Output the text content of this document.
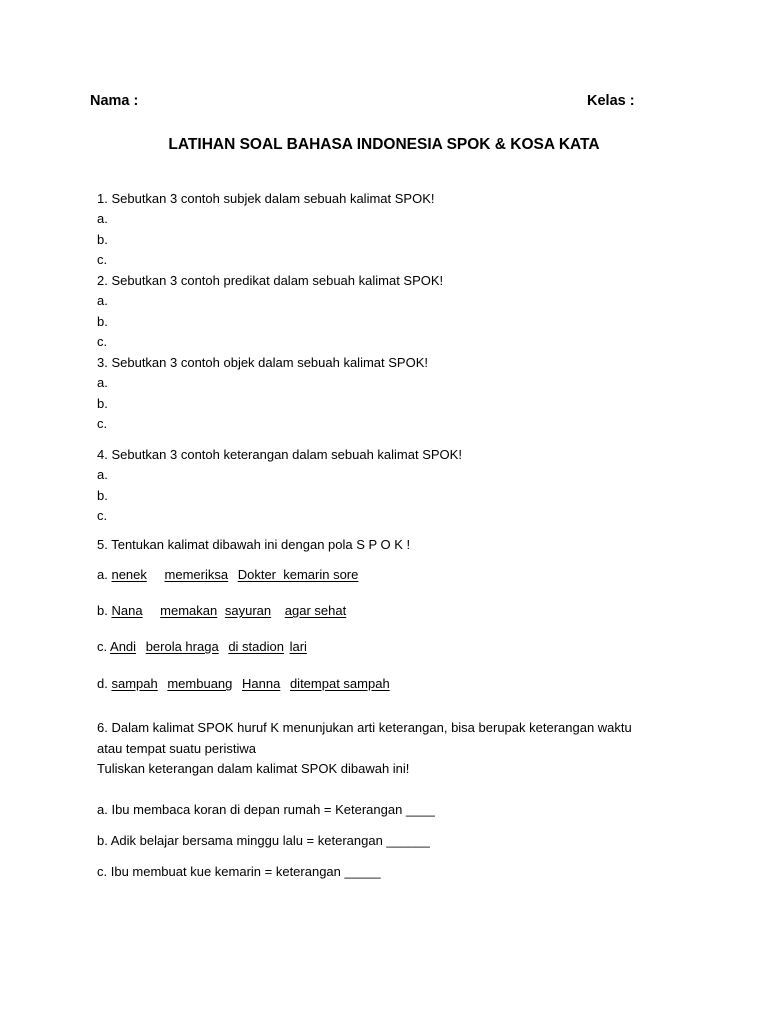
Nama :	Kelas :
LATIHAN SOAL BAHASA INDONESIA SPOK & KOSA KATA
1. Sebutkan 3 contoh subjek dalam sebuah kalimat SPOK!
a.
b.
c.
2. Sebutkan 3 contoh predikat dalam sebuah kalimat SPOK!
a.
b.
c.
3. Sebutkan 3 contoh objek dalam sebuah kalimat SPOK!
a.
b.
c.
4. Sebutkan 3 contoh keterangan dalam sebuah kalimat SPOK!
a.
b.
c.
5. Tentukan kalimat dibawah ini dengan pola S P O K !
a. nenek memeriksa Dokter  kemarin sore
b. Nana memakan sayuran agar sehat
c. Andi berola hraga di stadion lari
d. sampah membuang Hanna ditempat sampah
6. Dalam kalimat SPOK huruf K menunjukan arti keterangan, bisa berupak keterangan waktu
atau tempat suatu peristiwa
Tuliskan keterangan dalam kalimat SPOK dibawah ini!
a. Ibu membaca koran di depan rumah = Keterangan ____
b. Adik belajar bersama minggu lalu = keterangan ______
c. Ibu membuat kue kemarin = keterangan _____
